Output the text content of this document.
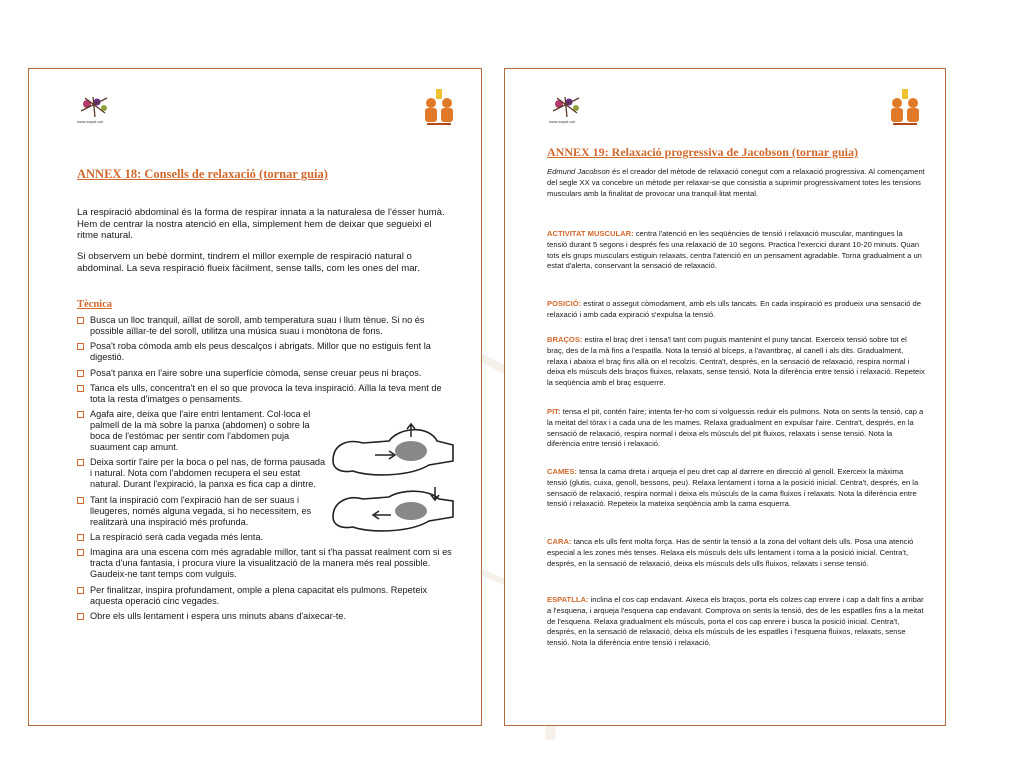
www.sapat.cat
ANNEX 18: Consells de relaxació (tornar guia)
La respiració abdominal és la forma de respirar innata a la naturalesa de l'ésser humà. Hem de centrar la nostra atenció en ella, simplement hem de deixar que segueixi el ritme natural.
Si observem un bebè dormint, tindrem el millor exemple de respiració natural o abdominal. La seva respiració flueix fàcilment, sense talls, com les ones del mar.
Tècnica
Busca un lloc tranquil, aïllat de soroll, amb temperatura suau i llum tènue. Si no és possible aïllar-te del soroll, utilitza una música suau i monòtona de fons.
Posa't roba còmoda amb els peus descalços i abrigats. Millor que no estiguis fent la digestió.
Posa't panxa en l'aire sobre una superfície còmoda, sense creuar peus ni braços.
Tanca els ulls, concentra't en el so que provoca la teva inspiració. Aïlla la teva ment de tota la resta d'imatges o pensaments.
Agafa aire, deixa que l'aire entri lentament. Col·loca el palmell de la mà sobre la panxa (abdomen) o sobre la boca de l'estómac per sentir com l'abdomen puja suaument cap amunt.
Deixa sortir l'aire per la boca o pel nas, de forma pausada i natural. Nota com l'abdomen recupera el seu estat natural. Durant l'expiració, la panxa es fica cap a dintre.
Tant la inspiració com l'expiració han de ser suaus i lleugeres, només alguna vegada, si ho necessitem, es realitzarà una inspiració més profunda.
La respiració serà cada vegada més lenta.
Imagina ara una escena com més agradable millor, tant si t'ha passat realment com si es tracta d'una fantasia, i procura viure la visualització de la manera més real possible. Gaudeix-ne tant temps com vulguis.
Per finalitzar, inspira profundament, omple a plena capacitat els pulmons. Repeteix aquesta operació cinc vegades.
Obre els ulls lentament i espera uns minuts abans d'aixecar-te.
www.sapat.cat
ANNEX 19: Relaxació progressiva de Jacobson (tornar guia)
Edmund Jacobson és el creador del mètode de relaxació conegut com a relaxació progressiva. Al començament del segle XX va concebre un mètode per relaxar-se que consistia a suprimir progressivament totes les tensions musculars amb la finalitat de provocar una tranquil·litat mental.
ACTIVITAT MUSCULAR: centra l'atenció en les seqüències de tensió i relaxació muscular, mantingues la tensió durant 5 segons i després fes una relaxació de 10 segons. Practica l'exercici durant 10-20 minuts. Quan tots els grups musculars estiguin relaxats, centra l'atenció en un pensament agradable. Torna gradualment a un estat d'alerta, conservant la sensació de relaxació.
POSICIÓ: estirat o assegut còmodament, amb els ulls tancats. En cada inspiració es produeix una sensació de relaxació i amb cada expiració s'expulsa la tensió.
BRAÇOS: estira el braç dret i tensa'l tant com puguis mantenint el puny tancat. Exerceix tensió sobre tot el braç, des de la mà fins a l'espatlla. Nota la tensió al bíceps, a l'avantbraç, al canell i als dits. Gradualment, relaxa i abaixa el braç fins allà on el recolzis. Centra't, després, en la sensació de relaxació, respira normal i deixa els músculs dels braços fluixos, relaxats, sense tensió. Nota la diferència entre tensió i relaxació. Repeteix la seqüència amb el braç esquerre.
PIT: tensa el pit, contén l'aire; intenta fer-ho com si volguessis reduir els pulmons. Nota on sents la tensió, cap a la meitat del tòrax i a cada una de les mames. Relaxa gradualment en expulsar l'aire. Centra't, després, en la sensació de relaxació, respira normal i deixa els músculs del pit fluixos, relaxats i sense tensió. Nota la diferència entre tensió i relaxació.
CAMES: tensa la cama dreta i arqueja el peu dret cap al darrere en direcció al genoll. Exerceix la màxima tensió (glutis, cuixa, genoll, bessons, peu). Relaxa lentament i torna a la posició inicial. Centra't, després, en la sensació de relaxació, respira normal i deixa els músculs de la cama fluixos i relaxats. Nota la diferència entre tensió i relaxació. Repeteix la mateixa seqüència amb la cama esquerra.
CARA: tanca els ulls fent molta força. Has de sentir la tensió a la zona del voltant dels ulls. Posa una atenció especial a les zones més tenses. Relaxa els músculs dels ulls lentament i torna a la posició inicial. Centra't, després, en la sensació de relaxació, deixa els músculs dels ulls fluixos, relaxats i sense tensió.
ESPATLLA: inclina el cos cap endavant. Aixeca els braços, porta els colzes cap enrere i cap a dalt fins a arribar a l'esquena, i arqueja l'esquena cap endavant. Comprova on sents la tensió, des de les espatlles fins a la meitat de l'esquena. Relaxa gradualment els músculs, porta el cos cap enrere i busca la posició inicial. Centra't, després, en la sensació de relaxació, deixa els músculs de les espatlles i l'esquena fluixos, relaxats, sense tensió. Nota la diferència entre tensió i relaxació.
